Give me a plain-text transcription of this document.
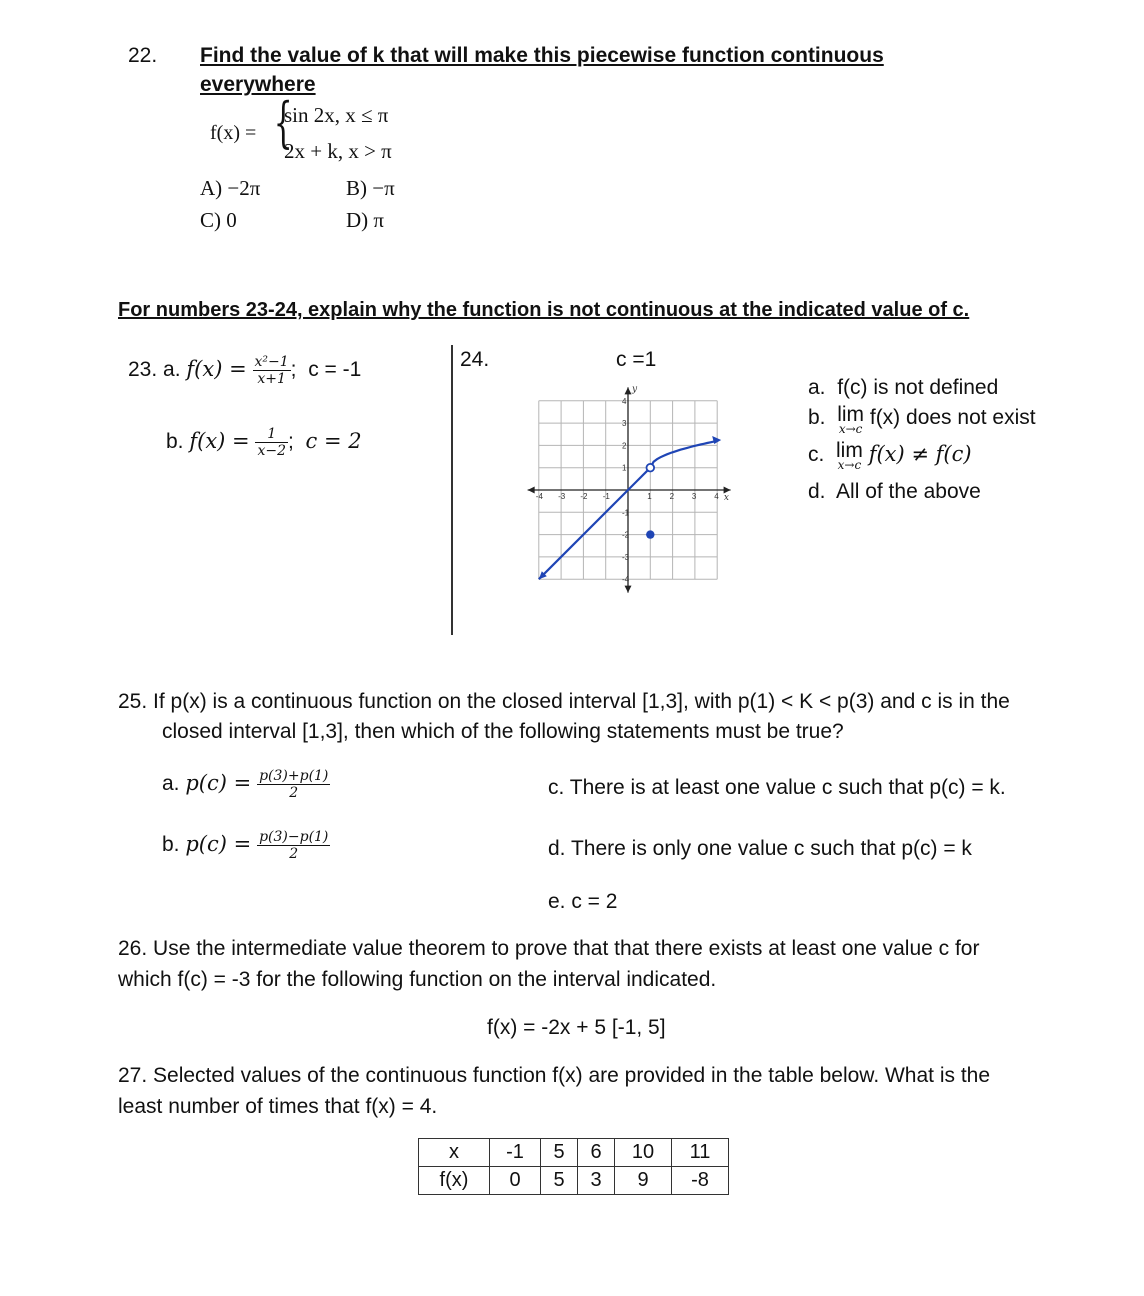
22. Find the value of k that will make this piecewise function continuous
everywhere
f(x) = {
sin 2x, x ≤ π
2x + k, x > π
A) −2π	B) −π
C) 0	D) π
For numbers 23-24, explain why the function is not continuous at the indicated value of c.
23. a. $f(x) = \frac{\text{x²−1}}{x+1}$ ; c = -1
b. $f(x) = \frac{1}{x-2}$ ; c = 2
24.	c =1
-4 -3 -2 -1	1 2 3 4
4
3
2
1
-1
-2
-3
-4
x
y	a. f(c) is not defined
b. lim
x→c f(x) does not exist
c. lim
x→c f(x) ≠ f(c)
d. All of the above
25. If p(x) is a continuous function on the closed interval [1,3], with p(1) < K < p(3) and c is in the
closed interval [1,3], then which of the following statements must be true?
a. $p(c) = \frac{p(3)+p(1)}{2}$
b. $p(c) = \frac{p(3)-p(1)}{2}$
c. There is at least one value c such that p(c) = k.
d. There is only one value c such that p(c) = k
e. c = 2
26. Use the intermediate value theorem to prove that that there exists at least one value c for
which f(c) = -3 for the following function on the interval indicated.
f(x) = -2x + 5 [-1, 5]
27. Selected values of the continuous function f(x) are provided in the table below. What is the
least number of times that f(x) = 4.
x	-1	5	6	10	11
f(x)	0	5	3	9	-8
